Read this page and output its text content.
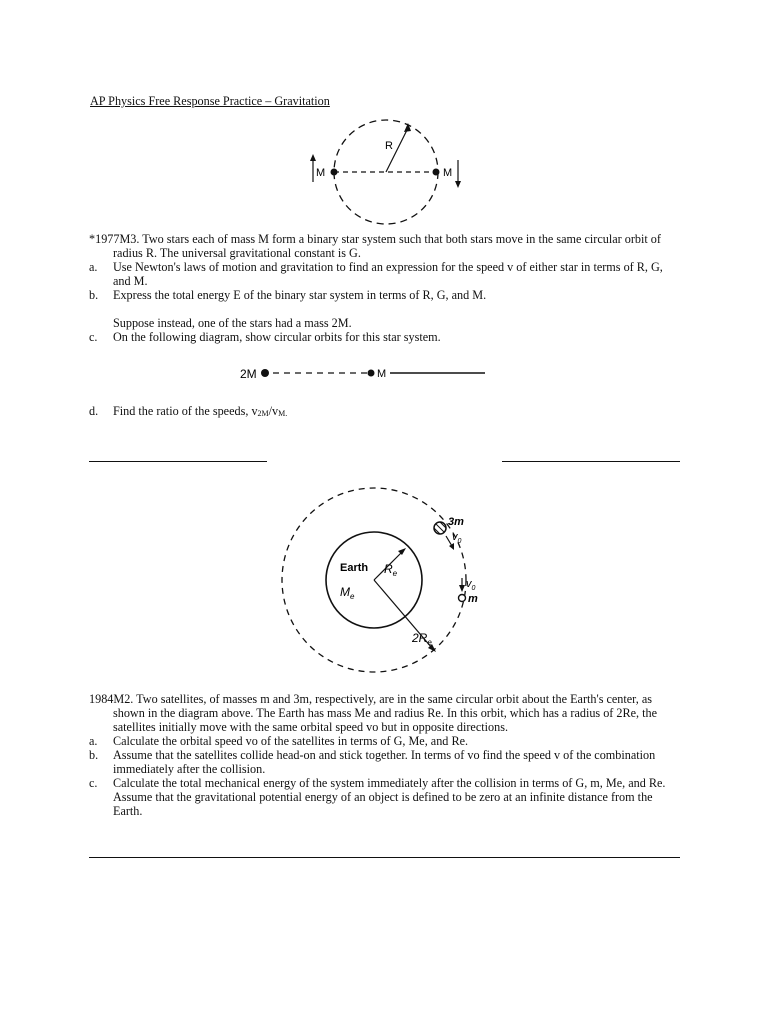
AP Physics Free Response Practice – Gravitation
R
M	M

*1977M3. Two stars each of mass M form a binary star system such that both stars move in the same circular orbit of radius R. The universal gravitational constant is G.

a. Use Newton's laws of motion and gravitation to find an expression for the speed v of either star in terms of R, G, and M.
b. Express the total energy E of the binary star system in terms of R, G, and M.
Suppose instead, one of the stars had a mass 2M.
c. On the following diagram, show circular orbits for this star system.
2M	M
d. Find the ratio of the speeds, $v_{2M}/v_{M.}$
Earth $R_e$
$M_e$
$2R_e$
3m
$v_0$
$v_0$
m

1984M2. Two satellites, of masses m and 3m, respectively, are in the same circular orbit about the Earth's center, as shown in the diagram above. The Earth has mass Me and radius Re. In this orbit, which has a radius of 2Re, the satellites initially move with the same orbital speed vo but in opposite directions.

a. Calculate the orbital speed vo of the satellites in terms of G, Me, and Re.
b. Assume that the satellites collide head-on and stick together. In terms of vo find the speed v of the combination immediately after the collision.
c. Calculate the total mechanical energy of the system immediately after the collision in terms of G, m, Me, and Re. Assume that the gravitational potential energy of an object is defined to be zero at an infinite distance from the Earth.
